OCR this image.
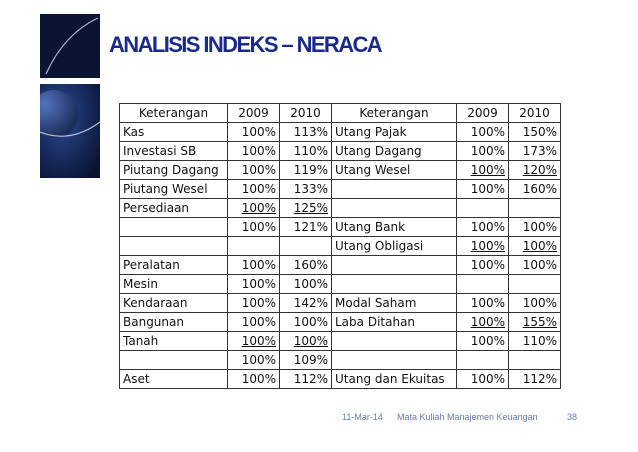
ANALISIS INDEKS – NERACA
Keterangan	2009	2010	Keterangan	2009	2010
Kas	100%	113%	Utang Pajak	100%	150%
Investasi SB	100%	110%	Utang Dagang	100%	173%
Piutang Dagang	100%	119%	Utang Wesel	100%	120%
Piutang Wesel	100%	133%		100%	160%
Persediaan	100%	125%			
	100%	121%	Utang Bank	100%	100%
			Utang Obligasi	100%	100%
Peralatan	100%	160%		100%	100%
Mesin	100%	100%			
Kendaraan	100%	142%	Modal Saham	100%	100%
Bangunan	100%	100%	Laba Ditahan	100%	155%
Tanah	100%	100%		100%	110%
	100%	109%			
Aset	100%	112%	Utang dan Ekuitas	100%	112%
11-Mar-14 Mata Kuliah Manajemen Keuangan	38
